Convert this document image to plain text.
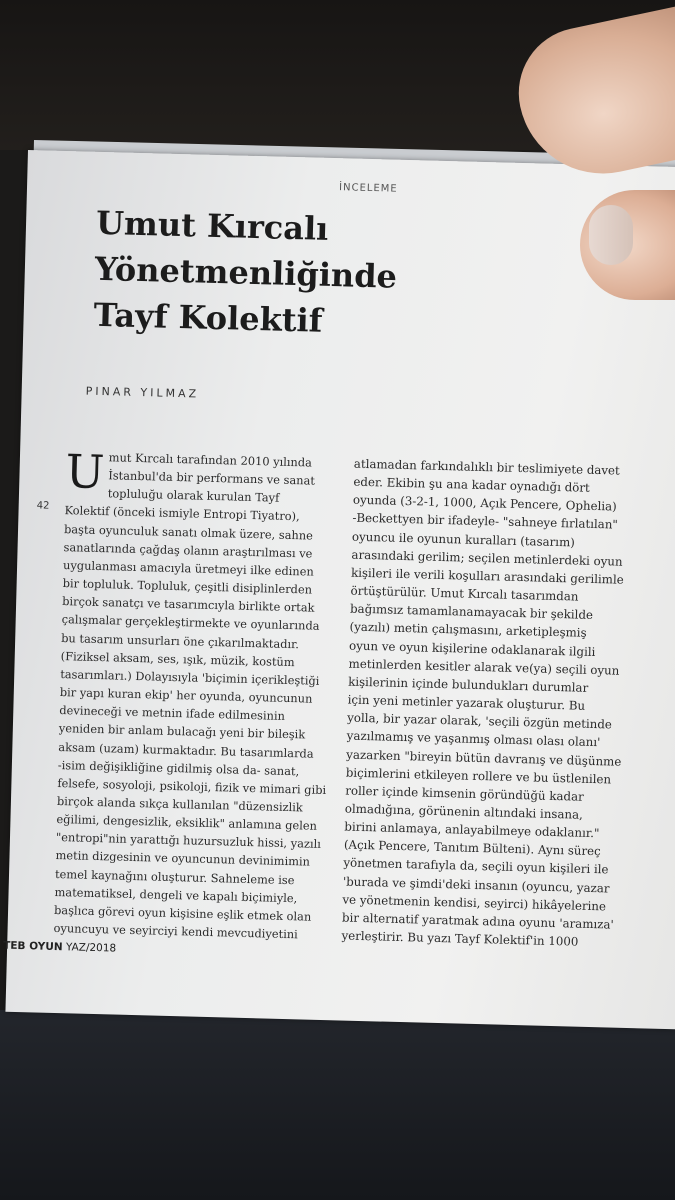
İNCELEME
Umut Kırcalı
Yönetmenliğinde
Tayf Kolektif
PINAR YILMAZ
42
U mut Kırcalı tarafından 2010 yılında
İstanbul'da bir performans ve sanat
topluluğu olarak kurulan Tayf
Kolektif (önceki ismiyle Entropi Tiyatro),
başta oyunculuk sanatı olmak üzere, sahne
sanatlarında çağdaş olanın araştırılması ve
uygulanması amacıyla üretmeyi ilke edinen
bir topluluk. Topluluk, çeşitli disiplinlerden
birçok sanatçı ve tasarımcıyla birlikte ortak
çalışmalar gerçekleştirmekte ve oyunlarında
bu tasarım unsurları öne çıkarılmaktadır.
(Fiziksel aksam, ses, ışık, müzik, kostüm
tasarımları.) Dolayısıyla 'biçimin içerikleştiği
bir yapı kuran ekip' her oyunda, oyuncunun
devineceği ve metnin ifade edilmesinin
yeniden bir anlam bulacağı yeni bir bileşik
aksam (uzam) kurmaktadır. Bu tasarımlarda
-isim değişikliğine gidilmiş olsa da- sanat,
felsefe, sosyoloji, psikoloji, fizik ve mimari gibi
birçok alanda sıkça kullanılan "düzensizlik
eğilimi, dengesizlik, eksiklik" anlamına gelen
"entropi"nin yarattığı huzursuzluk hissi, yazılı
metin dizgesinin ve oyuncunun devinimimin
temel kaynağını oluşturur. Sahneleme ise
matematiksel, dengeli ve kapalı biçimiyle,
başlıca görevi oyun kişisine eşlik etmek olan
oyuncuyu ve seyirciyi kendi mevcudiyetini
atlamadan farkındalıklı bir teslimiyete davet
eder. Ekibin şu ana kadar oynadığı dört
oyunda (3-2-1, 1000, Açık Pencere, Ophelia)
-Beckettyen bir ifadeyle- "sahneye fırlatılan"
oyuncu ile oyunun kuralları (tasarım)
arasındaki gerilim; seçilen metinlerdeki oyun
kişileri ile verili koşulları arasındaki gerilimle
örtüştürülür. Umut Kırcalı tasarımdan
bağımsız tamamlanamayacak bir şekilde
(yazılı) metin çalışmasını, arketipleşmiş
oyun ve oyun kişilerine odaklanarak ilgili
metinlerden kesitler alarak ve(ya) seçili oyun
kişilerinin içinde bulundukları durumlar
için yeni metinler yazarak oluşturur. Bu
yolla, bir yazar olarak, 'seçili özgün metinde
yazılmamış ve yaşanmış olması olası olanı'
yazarken "bireyin bütün davranış ve düşünme
biçimlerini etkileyen rollere ve bu üstlenilen
roller içinde kimsenin göründüğü kadar
olmadığına, görünenin altındaki insana,
birini anlamaya, anlayabilmeye odaklanır."
(Açık Pencere, Tanıtım Bülteni). Aynı süreç
yönetmen tarafıyla da, seçili oyun kişileri ile
'burada ve şimdi'deki insanın (oyuncu, yazar
ve yönetmenin kendisi, seyirci) hikâyelerine
bir alternatif yaratmak adına oyunu 'aramıza'
yerleştirir. Bu yazı Tayf Kolektif'in 1000
TEB OYUN YAZ/2018
